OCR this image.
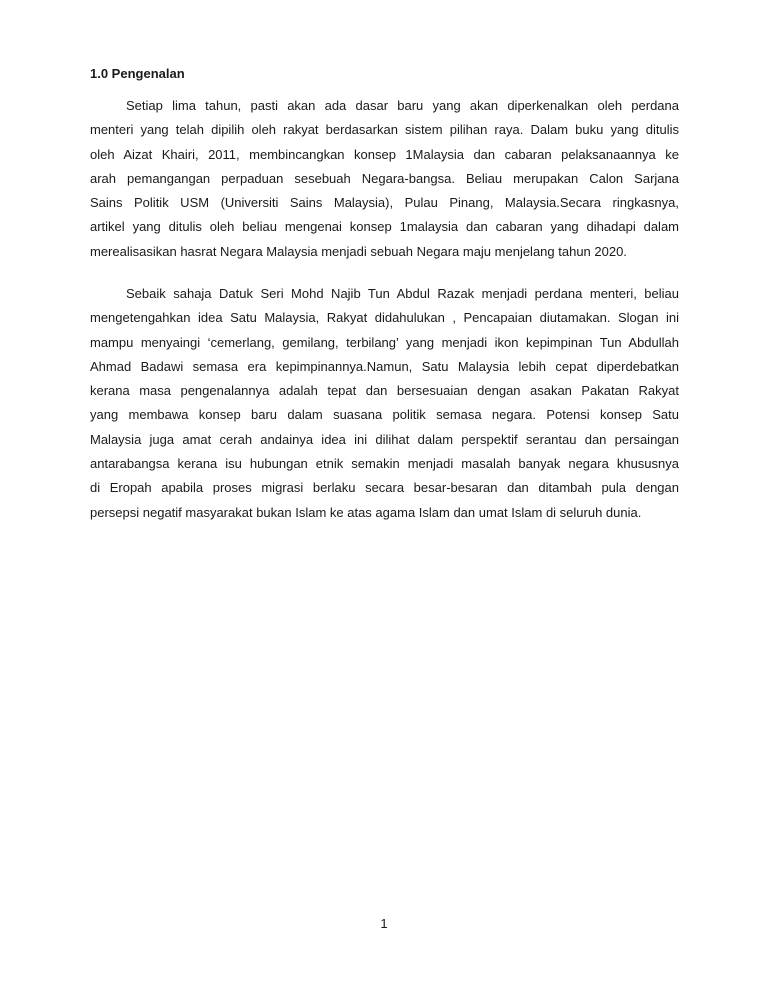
1.0 Pengenalan

Setiap lima tahun, pasti akan ada dasar baru yang akan diperkenalkan oleh perdana
menteri yang telah dipilih oleh rakyat berdasarkan sistem pilihan raya. Dalam buku yang ditulis
oleh Aizat Khairi, 2011, membincangkan konsep 1Malaysia dan cabaran pelaksanaannya ke
arah pemangangan perpaduan sesebuah Negara-bangsa. Beliau merupakan Calon Sarjana
Sains Politik USM (Universiti Sains Malaysia), Pulau Pinang, Malaysia.Secara ringkasnya,
artikel yang ditulis oleh beliau mengenai konsep 1malaysia dan cabaran yang dihadapi dalam
merealisasikan hasrat Negara Malaysia menjadi sebuah Negara maju menjelang tahun 2020.

Sebaik sahaja Datuk Seri Mohd Najib Tun Abdul Razak menjadi perdana menteri, beliau
mengetengahkan idea Satu Malaysia, Rakyat didahulukan , Pencapaian diutamakan. Slogan ini
mampu menyaingi ‘cemerlang, gemilang, terbilang’ yang menjadi ikon kepimpinan Tun Abdullah
Ahmad Badawi semasa era kepimpinannya.Namun, Satu Malaysia lebih cepat diperdebatkan
kerana masa pengenalannya adalah tepat dan bersesuaian dengan asakan Pakatan Rakyat
yang membawa konsep baru dalam suasana politik semasa negara. Potensi konsep Satu
Malaysia juga amat cerah andainya idea ini dilihat dalam perspektif serantau dan persaingan
antarabangsa kerana isu hubungan etnik semakin menjadi masalah banyak negara khususnya
di Eropah apabila proses migrasi berlaku secara besar-besaran dan ditambah pula dengan
persepsi negatif masyarakat bukan Islam ke atas agama Islam dan umat Islam di seluruh dunia.

1
